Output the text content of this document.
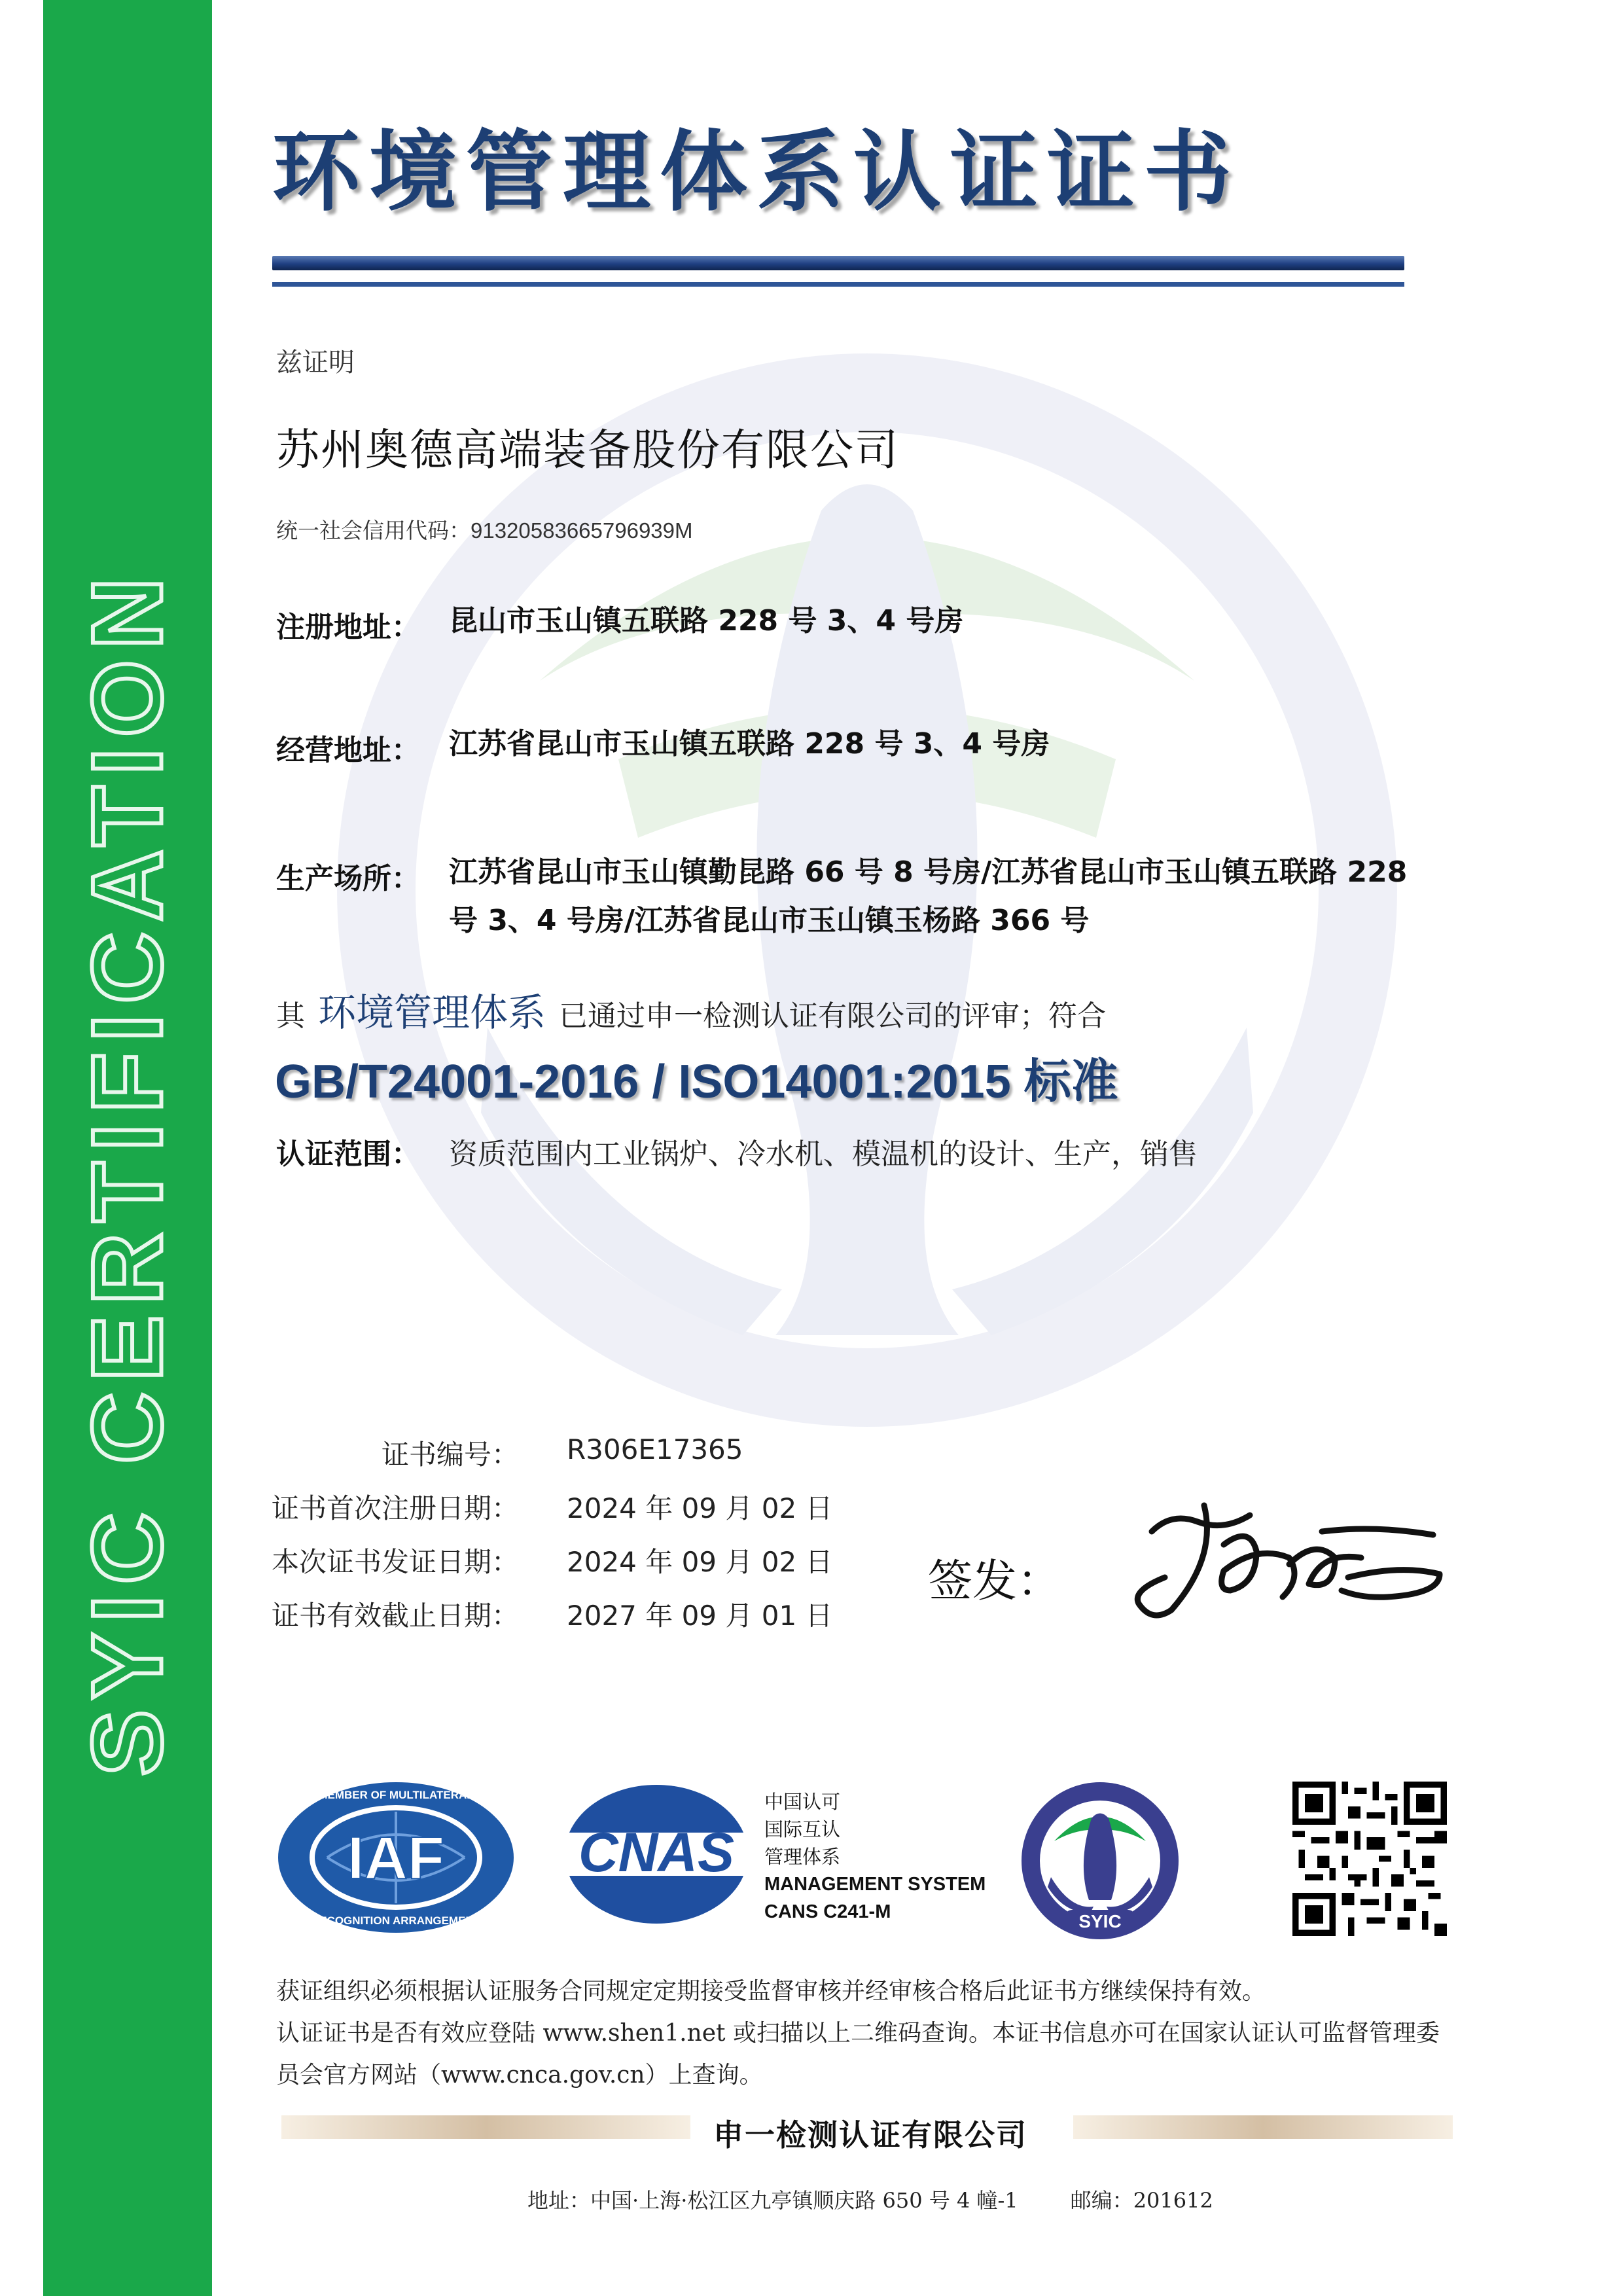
SYIC CERTIFICATION
环境管理体系认证证书
兹证明
苏州奥德高端装备股份有限公司
统一社会信用代码：91320583665796939M
注册地址： 昆山市玉山镇五联路 228 号 3、4 号房
经营地址： 江苏省昆山市玉山镇五联路 228 号 3、4 号房
生产场所： 江苏省昆山市玉山镇勤昆路 66 号 8 号房/江苏省昆山市玉山镇五联路 228
号 3、4 号房/江苏省昆山市玉山镇玉杨路 366 号
其 环境管理体系 已通过申一检测认证有限公司的评审；符合
GB/T24001-2016 / ISO14001:2015 标准
认证范围： 资质范围内工业锅炉、冷水机、模温机的设计、生产，销售
证书编号： R306E17365
证书首次注册日期： 2024 年 09 月 02 日
本次证书发证日期： 2024 年 09 月 02 日
证书有效截止日期： 2027 年 09 月 01 日
签发：
IAF
MEMBER OF MULTILATERAL
RECOGNITION ARRANGEMENT
CNAS
中国认可
国际互认
管理体系
MANAGEMENT SYSTEM
CANS C241-M	SYIC
获证组织必须根据认证服务合同规定定期接受监督审核并经审核合格后此证书方继续保持有效。
认证证书是否有效应登陆 www.shen1.net 或扫描以上二维码查询。本证书信息亦可在国家认证认可监督管理委
员会官方网站（www.cnca.gov.cn）上查询。
申一检测认证有限公司
地址：中国·上海·松江区九亭镇顺庆路 650 号 4 幢-1	邮编：201612
